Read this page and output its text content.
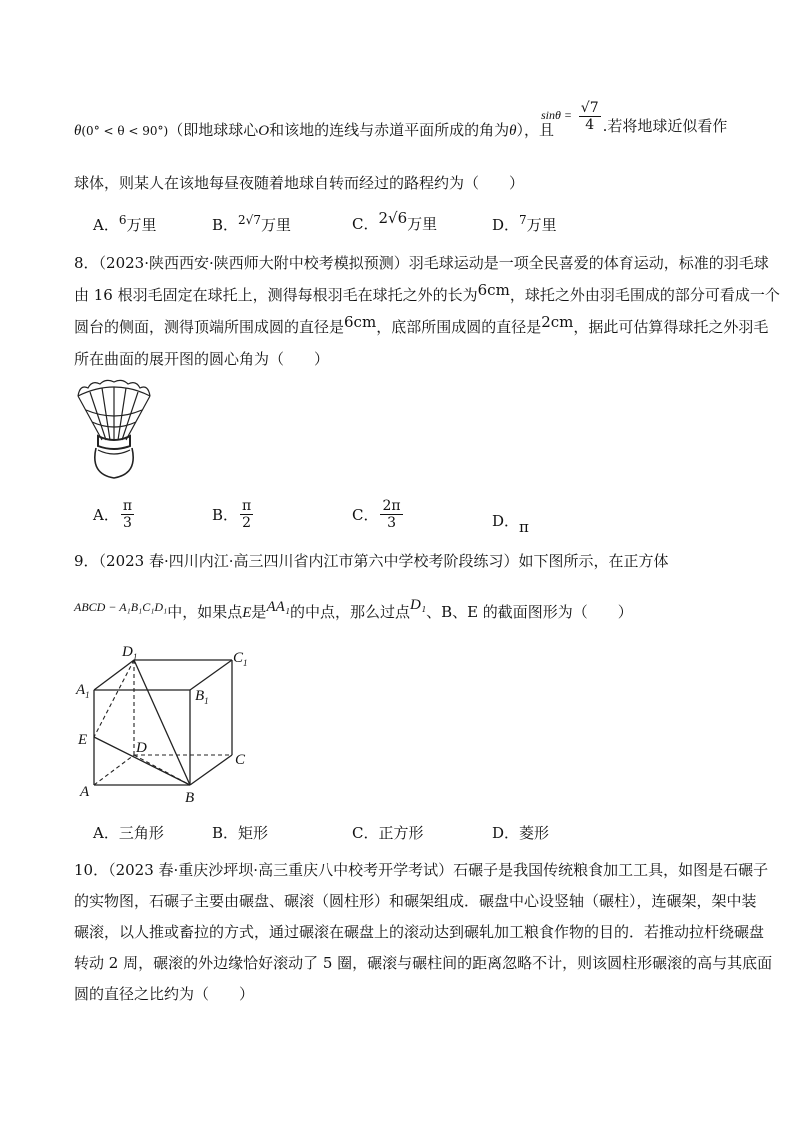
θ(0° < θ < 90°)（即地球球心O和该地的连线与赤道平面所成的角为θ），且
$^{sin\theta =} \frac{√7}{4}$ .若将地球近似看作
球体，则某人在该地每昼夜随着地球自转而经过的路程约为（　　）
A．$^6$万里	B．$^{2√7}$万里	C．2√6万里	D．$^7$万里
8．（2023·陕西西安·陕西师大附中校考模拟预测）羽毛球运动是一项全民喜爱的体育运动，标准的羽毛球
由 16 根羽毛固定在球托上，测得每根羽毛在球托之外的长为6cm，球托之外由羽毛围成的部分可看成一个
圆台的侧面，测得顶端所围成圆的直径是6cm，底部所围成圆的直径是2cm，据此可估算得球托之外羽毛
所在曲面的展开图的圆心角为（　　）
A． $\frac{\pi}{3}$	B． $\frac{\pi}{2}$	C． $\frac{2\pi}{3}$	D．π
9．（2023 春·四川内江·高三四川省内江市第六中学校考阶段练习）如下图所示，在正方体
$^{ABCD - A_1B_1C_1D_1}$中，如果点E是AA₁的中点，那么过点D₁、B、E 的截面图形为（　　）
$D_1$	$C_1$
$A_1$	$B_1$
E	D
C
A	B
A．三角形	B．矩形	C．正方形	D．菱形
10．（2023 春·重庆沙坪坝·高三重庆八中校考开学考试）石碾子是我国传统粮食加工工具，如图是石碾子
的实物图，石碾子主要由碾盘、碾滚（圆柱形）和碾架组成．碾盘中心设竖轴（碾柱），连碾架，架中装
碾滚，以人推或畜拉的方式，通过碾滚在碾盘上的滚动达到碾轧加工粮食作物的目的．若推动拉杆绕碾盘
转动 2 周，碾滚的外边缘恰好滚动了 5 圈，碾滚与碾柱间的距离忽略不计，则该圆柱形碾滚的高与其底面
圆的直径之比约为（　　）
